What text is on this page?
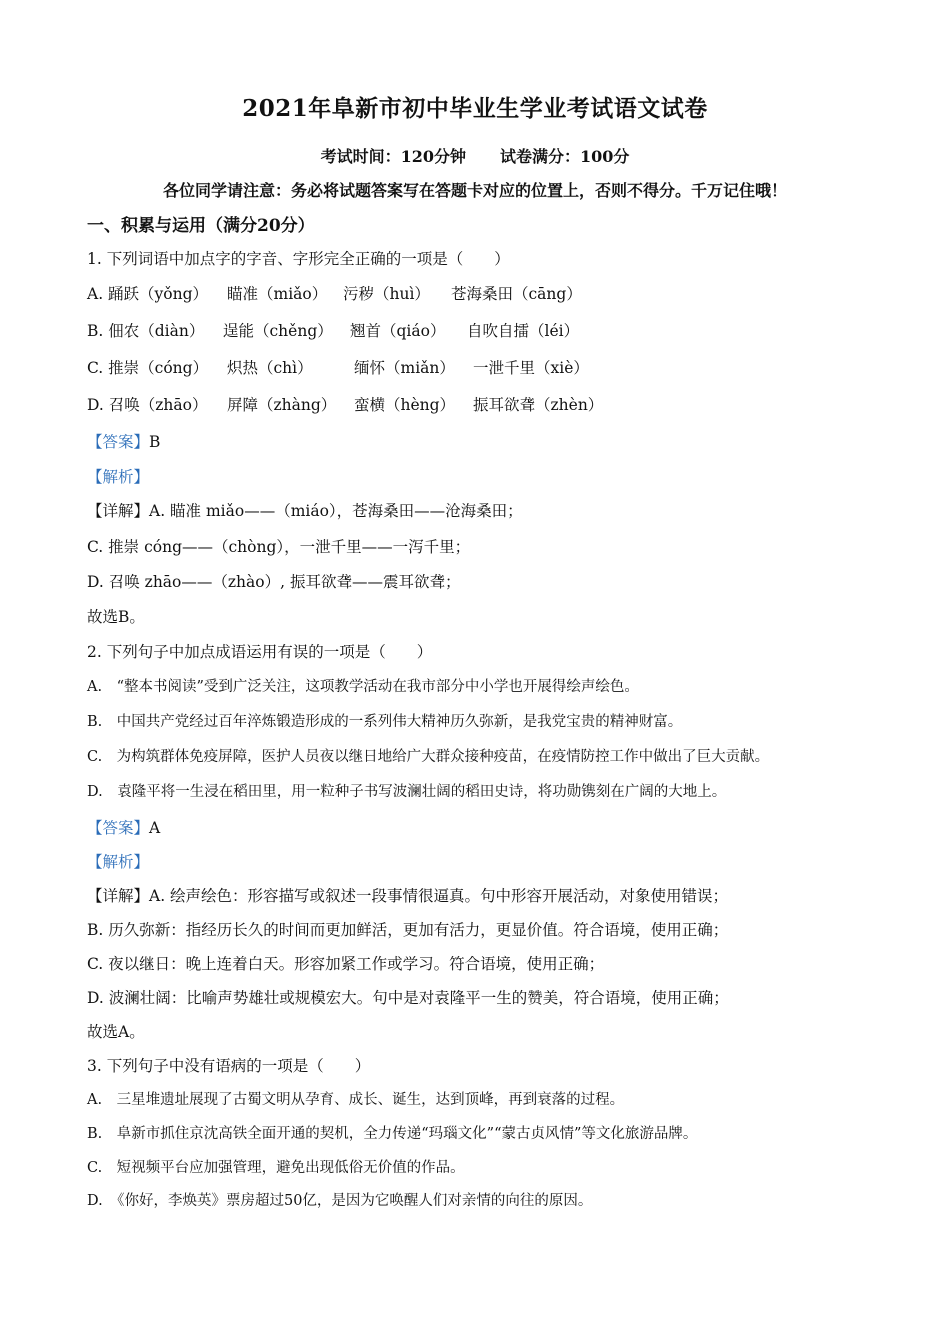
2021年阜新市初中毕业生学业考试语文试卷
考试时间：120分钟 试卷满分：100分
各位同学请注意：务必将试题答案写在答题卡对应的位置上，否则不得分。千万记住哦！
一、积累与运用（满分20分）
1. 下列词语中加点字的字音、字形完全正确的一项是（　　）
A. 踊跃（yǒng） 瞄准（miǎo） 污秽（huì） 苍海桑田（cāng）
B. 佃农（diàn） 逞能（chěng） 翘首（qiáo） 自吹自擂（léi）
C. 推崇（cóng） 炽热（chì）	缅怀（miǎn） 一泄千里（xiè）
D. 召唤（zhāo） 屏障（zhàng） 蛮横（hèng） 振耳欲聋（zhèn）
【答案】B
【解析】
【详解】A. 瞄准 miǎo——（miáo），苍海桑田——沧海桑田；
C. 推崇 cóng——（chòng），一泄千里——一泻千里；
D. 召唤 zhāo——（zhào）, 振耳欲聋——震耳欲聋；
故选B。
2. 下列句子中加点成语运用有误的一项是（　　）
A.　“整本书阅读”受到广泛关注，这项教学活动在我市部分中小学也开展得绘声绘色。
B.　中国共产党经过百年淬炼锻造形成的一系列伟大精神历久弥新，是我党宝贵的精神财富。
C.　为构筑群体免疫屏障，医护人员夜以继日地给广大群众接种疫苗，在疫情防控工作中做出了巨大贡献。
D.　袁隆平将一生浸在稻田里，用一粒种子书写波澜壮阔的稻田史诗，将功勋镌刻在广阔的大地上。
【答案】A
【解析】
【详解】A. 绘声绘色：形容描写或叙述一段事情很逼真。句中形容开展活动，对象使用错误；
B. 历久弥新：指经历长久的时间而更加鲜活，更加有活力，更显价值。符合语境，使用正确；
C. 夜以继日：晚上连着白天。形容加紧工作或学习。符合语境，使用正确；
D. 波澜壮阔：比喻声势雄壮或规模宏大。句中是对袁隆平一生的赞美，符合语境，使用正确；
故选A。
3. 下列句子中没有语病的一项是（　　）
A.　三星堆遗址展现了古蜀文明从孕育、成长、诞生，达到顶峰，再到衰落的过程。
B.　阜新市抓住京沈高铁全面开通的契机，全力传递“玛瑙文化”“蒙古贞风情”等文化旅游品牌。
C.　短视频平台应加强管理，避免出现低俗无价值的作品。
D.　《你好，李焕英》票房超过50亿，是因为它唤醒人们对亲情的向往的原因。
